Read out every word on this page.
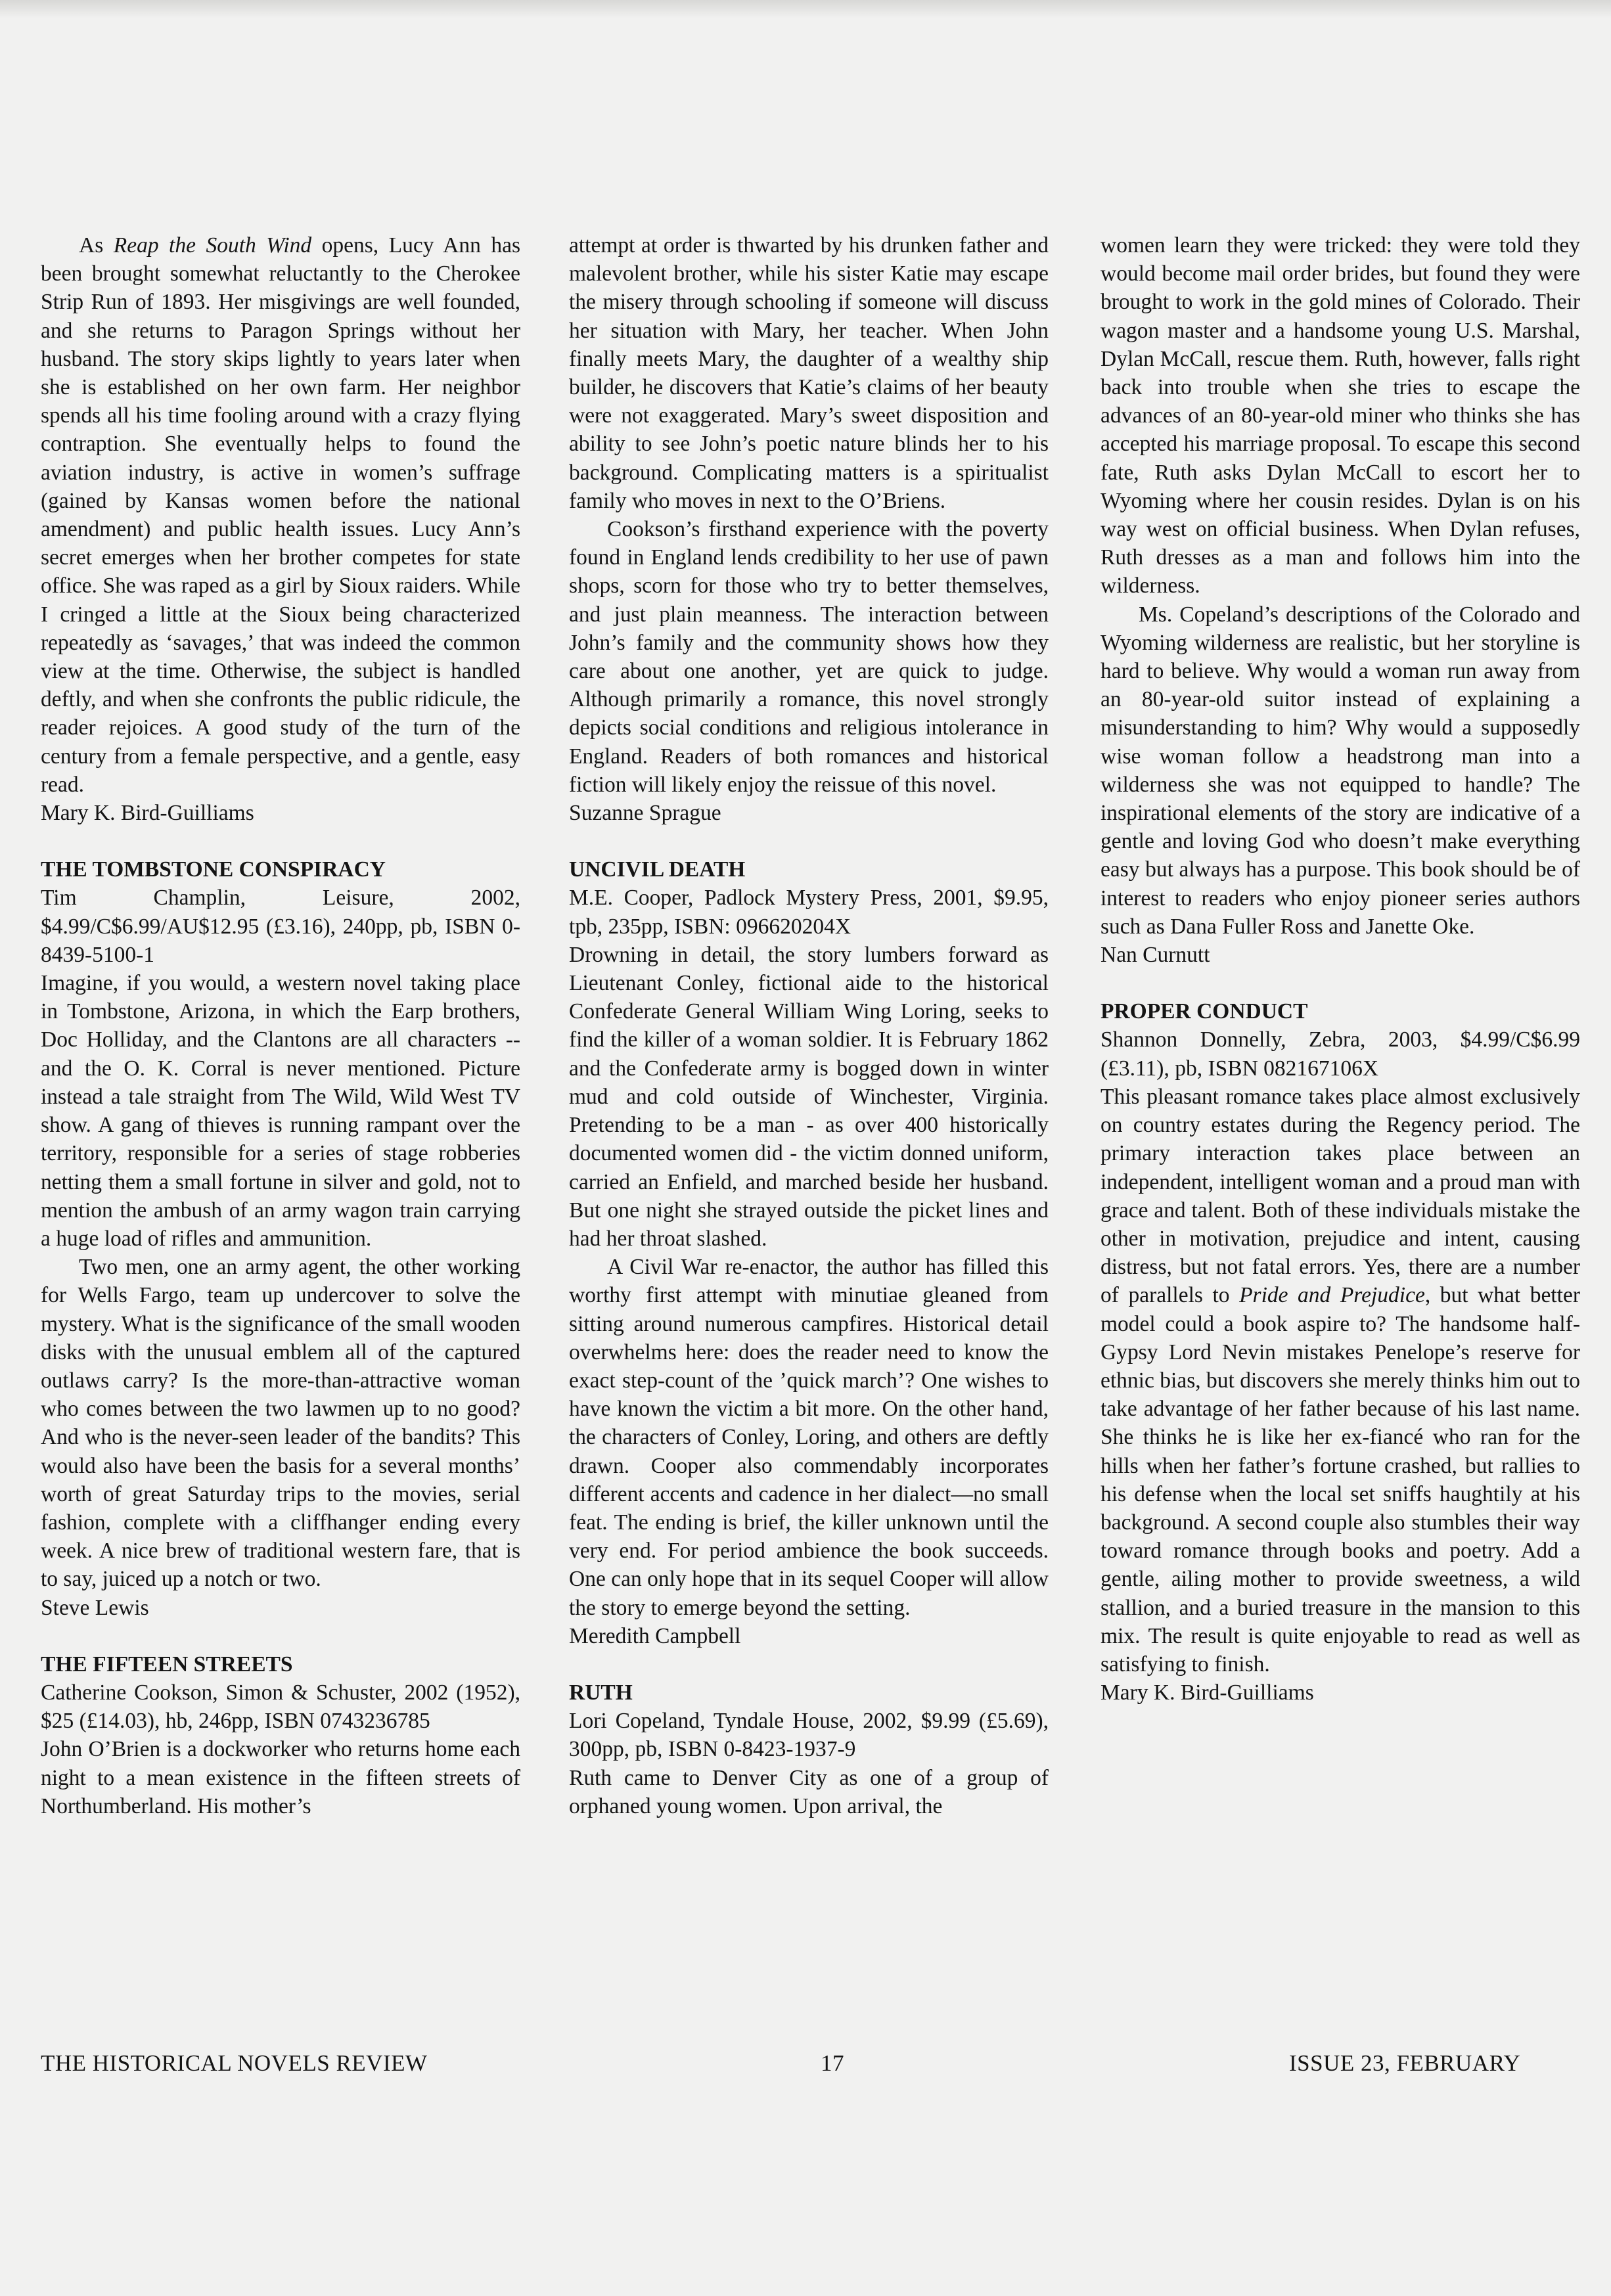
As Reap the South Wind opens, Lucy Ann has been brought somewhat reluctantly to the Cherokee Strip Run of 1893. Her misgivings are well founded, and she returns to Paragon Springs without her husband. The story skips lightly to years later when she is established on her own farm. Her neighbor spends all his time fooling around with a crazy flying contraption. She eventually helps to found the aviation industry, is active in women’s suffrage (gained by Kansas women before the national amendment) and public health issues. Lucy Ann’s secret emerges when her brother competes for state office. She was raped as a girl by Sioux raiders. While I cringed a little at the Sioux being characterized repeatedly as ‘savages,’ that was indeed the common view at the time. Otherwise, the subject is handled deftly, and when she confronts the public ridicule, the reader rejoices. A good study of the turn of the century from a female perspective, and a gentle, easy read.

Mary K. Bird-Guilliams

THE TOMBSTONE CONSPIRACY

Tim Champlin, Leisure, 2002, $4.99/C$6.99/AU$12.95 (£3.16), 240pp, pb, ISBN 0-8439-5100-1

Imagine, if you would, a western novel taking place in Tombstone, Arizona, in which the Earp brothers, Doc Holliday, and the Clantons are all characters -- and the O. K. Corral is never mentioned. Picture instead a tale straight from The Wild, Wild West TV show. A gang of thieves is running rampant over the territory, responsible for a series of stage robberies netting them a small fortune in silver and gold, not to mention the ambush of an army wagon train carrying a huge load of rifles and ammunition.

Two men, one an army agent, the other working for Wells Fargo, team up undercover to solve the mystery. What is the significance of the small wooden disks with the unusual emblem all of the captured outlaws carry? Is the more-than-attractive woman who comes between the two lawmen up to no good? And who is the never-seen leader of the bandits? This would also have been the basis for a several months’ worth of great Saturday trips to the movies, serial fashion, complete with a cliffhanger ending every week. A nice brew of traditional western fare, that is to say, juiced up a notch or two.

Steve Lewis

THE FIFTEEN STREETS

Catherine Cookson, Simon & Schuster, 2002 (1952), $25 (£14.03), hb, 246pp, ISBN 0743236785

John O’Brien is a dockworker who returns home each night to a mean existence in the fifteen streets of Northumberland. His mother’s

attempt at order is thwarted by his drunken father and malevolent brother, while his sister Katie may escape the misery through schooling if someone will discuss her situation with Mary, her teacher. When John finally meets Mary, the daughter of a wealthy ship builder, he discovers that Katie’s claims of her beauty were not exaggerated. Mary’s sweet disposition and ability to see John’s poetic nature blinds her to his background. Complicating matters is a spiritualist family who moves in next to the O’Briens.

Cookson’s firsthand experience with the poverty found in England lends credibility to her use of pawn shops, scorn for those who try to better themselves, and just plain meanness. The interaction between John’s family and the community shows how they care about one another, yet are quick to judge. Although primarily a romance, this novel strongly depicts social conditions and religious intolerance in England. Readers of both romances and historical fiction will likely enjoy the reissue of this novel.

Suzanne Sprague

UNCIVIL DEATH

M.E. Cooper, Padlock Mystery Press, 2001, $9.95, tpb, 235pp, ISBN: 096620204X

Drowning in detail, the story lumbers forward as Lieutenant Conley, fictional aide to the historical Confederate General William Wing Loring, seeks to find the killer of a woman soldier. It is February 1862 and the Confederate army is bogged down in winter mud and cold outside of Winchester, Virginia. Pretending to be a man - as over 400 historically documented women did - the victim donned uniform, carried an Enfield, and marched beside her husband. But one night she strayed outside the picket lines and had her throat slashed.

A Civil War re-enactor, the author has filled this worthy first attempt with minutiae gleaned from sitting around numerous campfires. Historical detail overwhelms here: does the reader need to know the exact step-count of the ’quick march’? One wishes to have known the victim a bit more. On the other hand, the characters of Conley, Loring, and others are deftly drawn. Cooper also commendably incorporates different accents and cadence in her dialect—no small feat. The ending is brief, the killer unknown until the very end. For period ambience the book succeeds. One can only hope that in its sequel Cooper will allow the story to emerge beyond the setting.

Meredith Campbell

RUTH

Lori Copeland, Tyndale House, 2002, $9.99 (£5.69), 300pp, pb, ISBN 0-8423-1937-9

Ruth came to Denver City as one of a group of orphaned young women. Upon arrival, the

women learn they were tricked: they were told they would become mail order brides, but found they were brought to work in the gold mines of Colorado. Their wagon master and a handsome young U.S. Marshal, Dylan McCall, rescue them. Ruth, however, falls right back into trouble when she tries to escape the advances of an 80-year-old miner who thinks she has accepted his marriage proposal. To escape this second fate, Ruth asks Dylan McCall to escort her to Wyoming where her cousin resides. Dylan is on his way west on official business. When Dylan refuses, Ruth dresses as a man and follows him into the wilderness.

Ms. Copeland’s descriptions of the Colorado and Wyoming wilderness are realistic, but her storyline is hard to believe. Why would a woman run away from an 80-year-old suitor instead of explaining a misunderstanding to him? Why would a supposedly wise woman follow a headstrong man into a wilderness she was not equipped to handle? The inspirational elements of the story are indicative of a gentle and loving God who doesn’t make everything easy but always has a purpose. This book should be of interest to readers who enjoy pioneer series authors such as Dana Fuller Ross and Janette Oke.

Nan Curnutt

PROPER CONDUCT

Shannon Donnelly, Zebra, 2003, $4.99/C$6.99 (£3.11), pb, ISBN 082167106X

This pleasant romance takes place almost exclusively on country estates during the Regency period. The primary interaction takes place between an independent, intelligent woman and a proud man with grace and talent. Both of these individuals mistake the other in motivation, prejudice and intent, causing distress, but not fatal errors. Yes, there are a number of parallels to Pride and Prejudice, but what better model could a book aspire to? The handsome half-Gypsy Lord Nevin mistakes Penelope’s reserve for ethnic bias, but discovers she merely thinks him out to take advantage of her father because of his last name. She thinks he is like her ex-fiancé who ran for the hills when her father’s fortune crashed, but rallies to his defense when the local set sniffs haughtily at his background. A second couple also stumbles their way toward romance through books and poetry. Add a gentle, ailing mother to provide sweetness, a wild stallion, and a buried treasure in the mansion to this mix. The result is quite enjoyable to read as well as satisfying to finish.

Mary K. Bird-Guilliams

THE HISTORICAL NOVELS REVIEW	17	ISSUE 23, FEBRUARY
